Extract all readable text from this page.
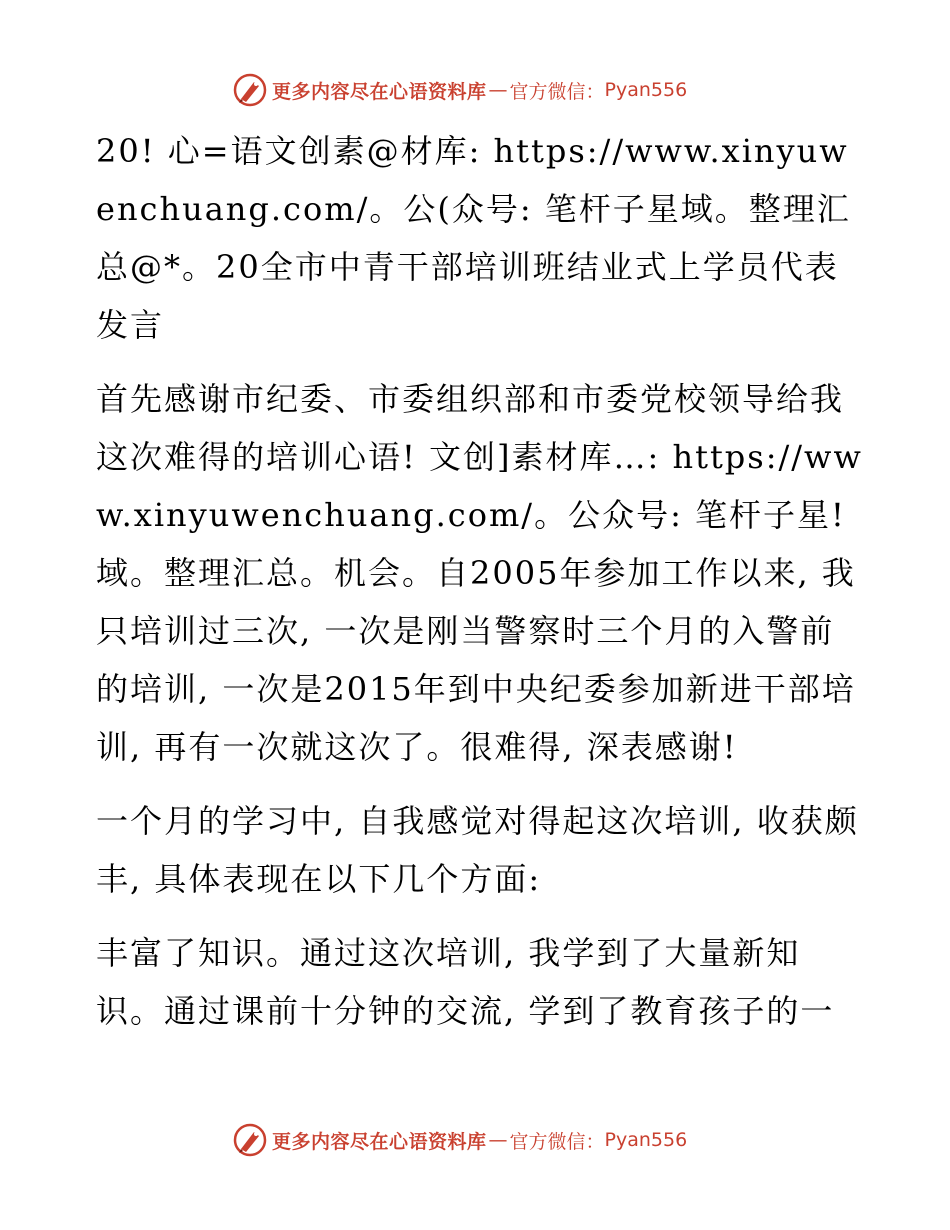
更多内容尽在心语资料库 — 官方微信： Pyan556

20! 心=语文创素@材库: https://www.xinyuwenchuang.com/。公(众号: 笔杆子星域。整理汇总@*。20全市中青干部培训班结业式上学员代表发言

首先感谢市纪委、市委组织部和市委党校领导给我这次难得的培训心语! 文创]素材库…: https://www.xinyuwenchuang.com/。公众号: 笔杆子星! 域。整理汇总。机会。自2005年参加工作以来, 我只培训过三次, 一次是刚当警察时三个月的入警前的培训, 一次是2015年到中央纪委参加新进干部培训, 再有一次就这次了。很难得, 深表感谢!

一个月的学习中, 自我感觉对得起这次培训, 收获颇丰, 具体表现在以下几个方面:

丰富了知识。通过这次培训, 我学到了大量新知识。通过课前十分钟的交流, 学到了教育孩子的一

更多内容尽在心语资料库 — 官方微信： Pyan556
